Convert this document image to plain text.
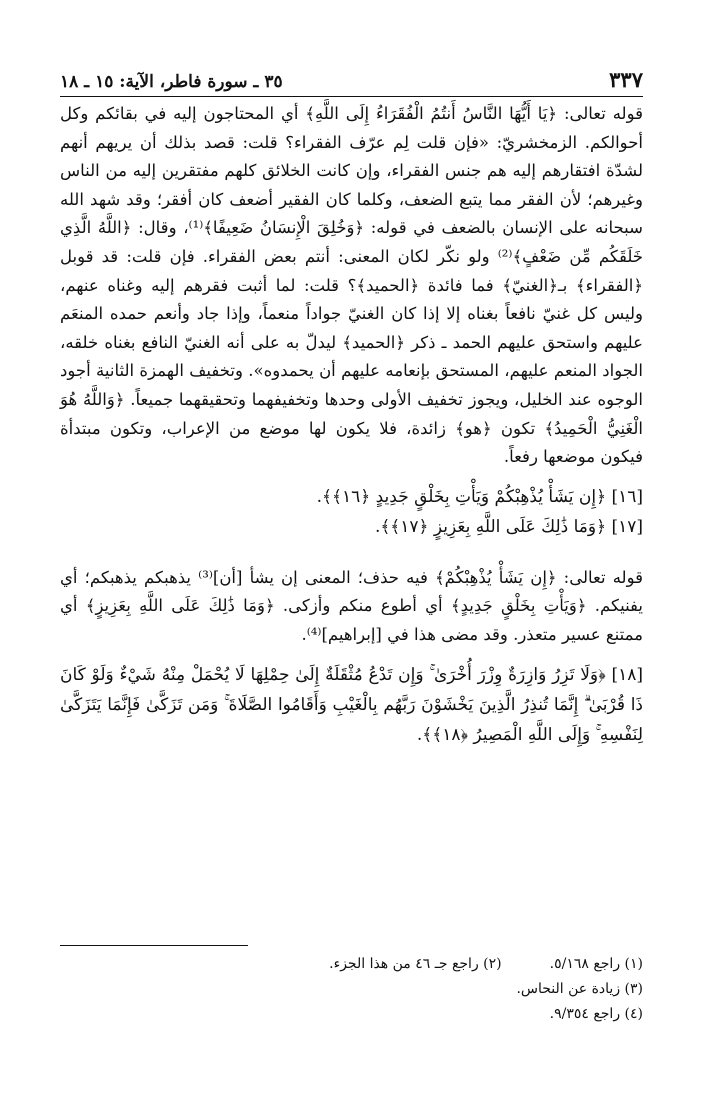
٣٣٧
٣٥ ـ سورة فاطر، الآية: ١٥ ـ ١٨

قوله تعالى: ﴿يَا أَيُّهَا النَّاسُ أَنتُمُ الْفُقَرَاءُ إِلَى اللَّهِ﴾ أي المحتاجون إليه في بقائكم وكل أحوالكم. الزمخشريّ: «فإن قلت لِم عرّف الفقراء؟ قلت: قصد بذلك أن يريهم أنهم لشدّة افتقارهم إليه هم جنس الفقراء، وإن كانت الخلائق كلهم مفتقرين إليه من الناس وغيرهم؛ لأن الفقر مما يتبع الضعف، وكلما كان الفقير أضعف كان أفقر؛ وقد شهد الله سبحانه على الإنسان بالضعف في قوله: ﴿وَخُلِقَ الْإِنسَانُ ضَعِيفًا﴾⁽¹⁾، وقال: ﴿اللَّهُ الَّذِي خَلَقَكُم مِّن ضَعْفٍ﴾⁽²⁾ ولو نكّر لكان المعنى: أنتم بعض الفقراء. فإن قلت: قد قوبل ﴿الفقراء﴾ بـ﴿الغنيّ﴾ فما فائدة ﴿الحميد﴾؟ قلت: لما أثبت فقرهم إليه وغناه عنهم، وليس كل غنيّ نافعاً بغناه إلا إذا كان الغنيّ جواداً منعماً، وإذا جاد وأنعم حمده المنعَم عليهم واستحق عليهم الحمد ـ ذكر ﴿الحميد﴾ ليدلّ به على أنه الغنيّ النافع بغناه خلقه، الجواد المنعم عليهم، المستحق بإنعامه عليهم أن يحمدوه». وتخفيف الهمزة الثانية أجود الوجوه عند الخليل، ويجوز تخفيف الأولى وحدها وتخفيفهما وتحقيقهما جميعاً. ﴿وَاللَّهُ هُوَ الْغَنِيُّ الْحَمِيدُ﴾ تكون ﴿هو﴾ زائدة، فلا يكون لها موضع من الإعراب، وتكون مبتدأة فيكون موضعها رفعاً.

[١٦] ﴿إِن يَشَأْ يُذْهِبْكُمْ وَيَأْتِ بِخَلْقٍ جَدِيدٍ ﴿١٦﴾﴾.

[١٧] ﴿وَمَا ذَٰلِكَ عَلَى اللَّهِ بِعَزِيزٍ ﴿١٧﴾﴾.

قوله تعالى: ﴿إِن يَشَأْ يُذْهِبْكُمْ﴾ فيه حذف؛ المعنى إن يشأ [أن]⁽³⁾ يذهبكم يذهبكم؛ أي يفنيكم. ﴿وَيَأْتِ بِخَلْقٍ جَدِيدٍ﴾ أي أطوع منكم وأزكى. ﴿وَمَا ذَٰلِكَ عَلَى اللَّهِ بِعَزِيزٍ﴾ أي ممتنع عسير متعذر. وقد مضى هذا في [إبراهيم]⁽⁴⁾.

[١٨] ﴿وَلَا تَزِرُ وَازِرَةٌ وِزْرَ أُخْرَىٰ ۚ وَإِن تَدْعُ مُثْقَلَةٌ إِلَىٰ حِمْلِهَا لَا يُحْمَلْ مِنْهُ شَيْءٌ وَلَوْ كَانَ ذَا قُرْبَىٰ ۗ إِنَّمَا تُنذِرُ الَّذِينَ يَخْشَوْنَ رَبَّهُم بِالْغَيْبِ وَأَقَامُوا الصَّلَاةَ ۚ وَمَن تَزَكَّىٰ فَإِنَّمَا يَتَزَكَّىٰ لِنَفْسِهِ ۚ وَإِلَى اللَّهِ الْمَصِيرُ ﴿١٨﴾﴾.

(١) راجع ٥/١٦٨.
(٢) راجع جـ ٤٦ من هذا الجزء.
(٣) زيادة عن النحاس.
(٤) راجع ٩/٣٥٤.
